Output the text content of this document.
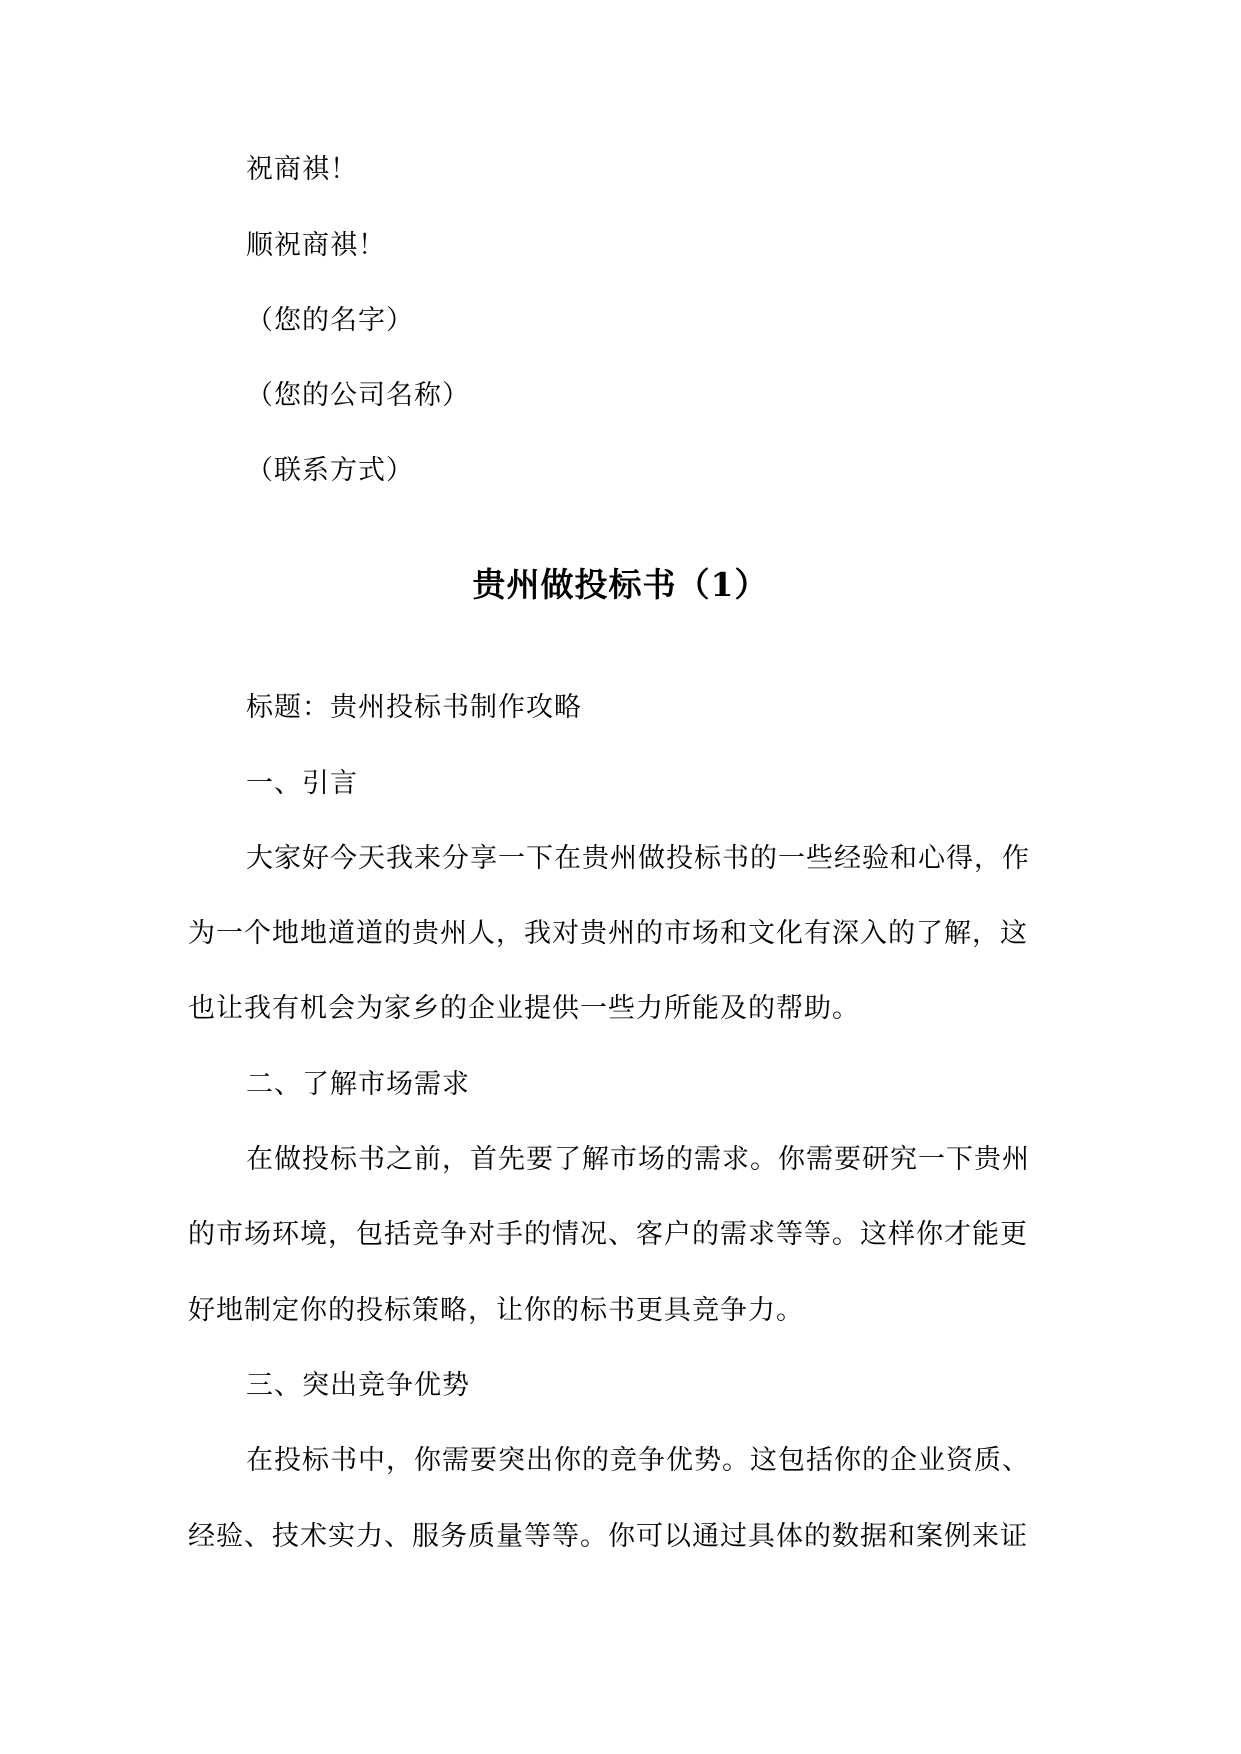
祝商祺！
顺祝商祺！
（您的名字）
（您的公司名称）
（联系方式）
贵州做投标书（1）
标题：贵州投标书制作攻略
一、引言
大家好今天我来分享一下在贵州做投标书的一些经验和心得，作
为一个地地道道的贵州人，我对贵州的市场和文化有深入的了解，这
也让我有机会为家乡的企业提供一些力所能及的帮助。
二、了解市场需求
在做投标书之前，首先要了解市场的需求。你需要研究一下贵州
的市场环境，包括竞争对手的情况、客户的需求等等。这样你才能更
好地制定你的投标策略，让你的标书更具竞争力。
三、突出竞争优势
在投标书中，你需要突出你的竞争优势。这包括你的企业资质、
经验、技术实力、服务质量等等。你可以通过具体的数据和案例来证
